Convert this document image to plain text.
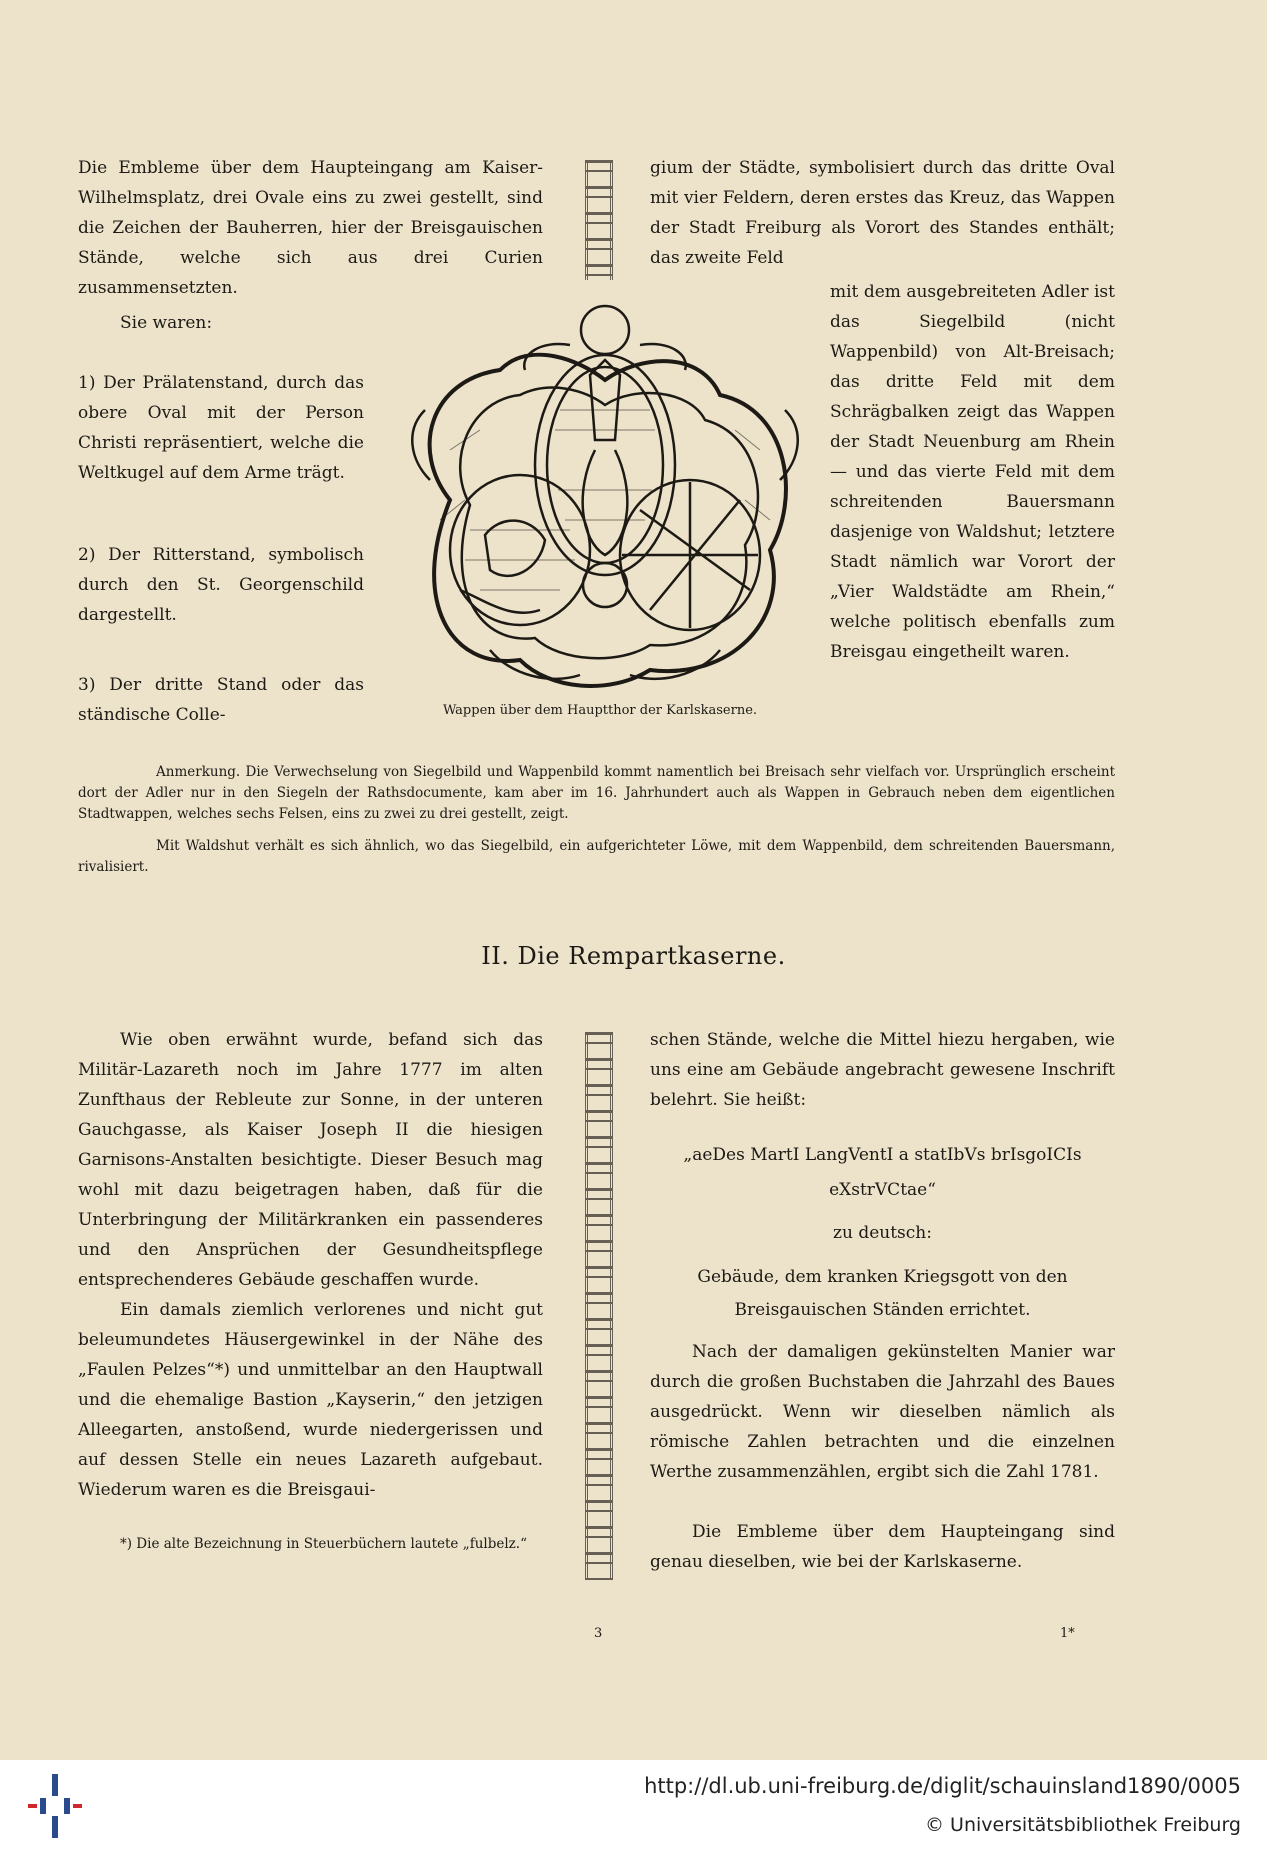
Die Embleme über dem Haupteingang am Kaiser-Wilhelmsplatz, drei Ovale eins zu zwei gestellt, sind die Zeichen der Bauherren, hier der Breisgauischen Stände, welche sich aus drei Curien zusammensetzten.

Sie waren:

1) Der Prälatenstand, durch das obere Oval mit der Person Christi repräsentiert, welche die Weltkugel auf dem Arme trägt.

2) Der Ritterstand, symbolisch durch den St. Georgenschild dargestellt.

3) Der dritte Stand oder das ständische Colle-

gium der Städte, symbolisiert durch das dritte Oval mit vier Feldern, deren erstes das Kreuz, das Wappen der Stadt Freiburg als Vorort des Standes enthält; das zweite Feld

mit dem ausgebreiteten Adler ist das Siegelbild (nicht Wappenbild) von Alt-Breisach; das dritte Feld mit dem Schrägbalken zeigt das Wappen der Stadt Neuenburg am Rhein — und das vierte Feld mit dem schreitenden Bauersmann dasjenige von Waldshut; letztere Stadt nämlich war Vorort der „Vier Waldstädte am Rhein,“ welche politisch ebenfalls zum Breisgau eingetheilt waren.

Wappen über dem Hauptthor der Karlskaserne.

Anmerkung. Die Verwechselung von Siegelbild und Wappenbild kommt namentlich bei Breisach sehr vielfach vor. Ursprünglich erscheint dort der Adler nur in den Siegeln der Rathsdocumente, kam aber im 16. Jahrhundert auch als Wappen in Gebrauch neben dem eigentlichen Stadtwappen, welches sechs Felsen, eins zu zwei zu drei gestellt, zeigt.

Mit Waldshut verhält es sich ähnlich, wo das Siegelbild, ein aufgerichteter Löwe, mit dem Wappenbild, dem schreitenden Bauersmann, rivalisiert.

II. Die Rempartkaserne.

Wie oben erwähnt wurde, befand sich das Militär-Lazareth noch im Jahre 1777 im alten Zunfthaus der Rebleute zur Sonne, in der unteren Gauchgasse, als Kaiser Joseph II die hiesigen Garnisons-Anstalten besichtigte. Dieser Besuch mag wohl mit dazu beigetragen haben, daß für die Unterbringung der Militärkranken ein passenderes und den Ansprüchen der Gesundheitspflege entsprechenderes Gebäude geschaffen wurde.

Ein damals ziemlich verlorenes und nicht gut beleumundetes Häusergewinkel in der Nähe des „Faulen Pelzes“*) und unmittelbar an den Hauptwall und die ehemalige Bastion „Kayserin,“ den jetzigen Alleegarten, anstoßend, wurde niedergerissen und auf dessen Stelle ein neues Lazareth aufgebaut. Wiederum waren es die Breisgaui-

*) Die alte Bezeichnung in Steuerbüchern lautete „fulbelz.“

schen Stände, welche die Mittel hiezu hergaben, wie uns eine am Gebäude angebracht gewesene Inschrift belehrt. Sie heißt:

„aeDes MartI LangVentI a statIbVs brIsgoICIs

eXstrVCtae“

zu deutsch:

Gebäude, dem kranken Kriegsgott von den

Breisgauischen Ständen errichtet.

Nach der damaligen gekünstelten Manier war durch die großen Buchstaben die Jahrzahl des Baues ausgedrückt. Wenn wir dieselben nämlich als römische Zahlen betrachten und die einzelnen Werthe zusammenzählen, ergibt sich die Zahl 1781.

Die Embleme über dem Haupteingang sind genau dieselben, wie bei der Karlskaserne.

3	1*
http://dl.ub.uni-freiburg.de/diglit/schauinsland1890/0005
© Universitätsbibliothek Freiburg
